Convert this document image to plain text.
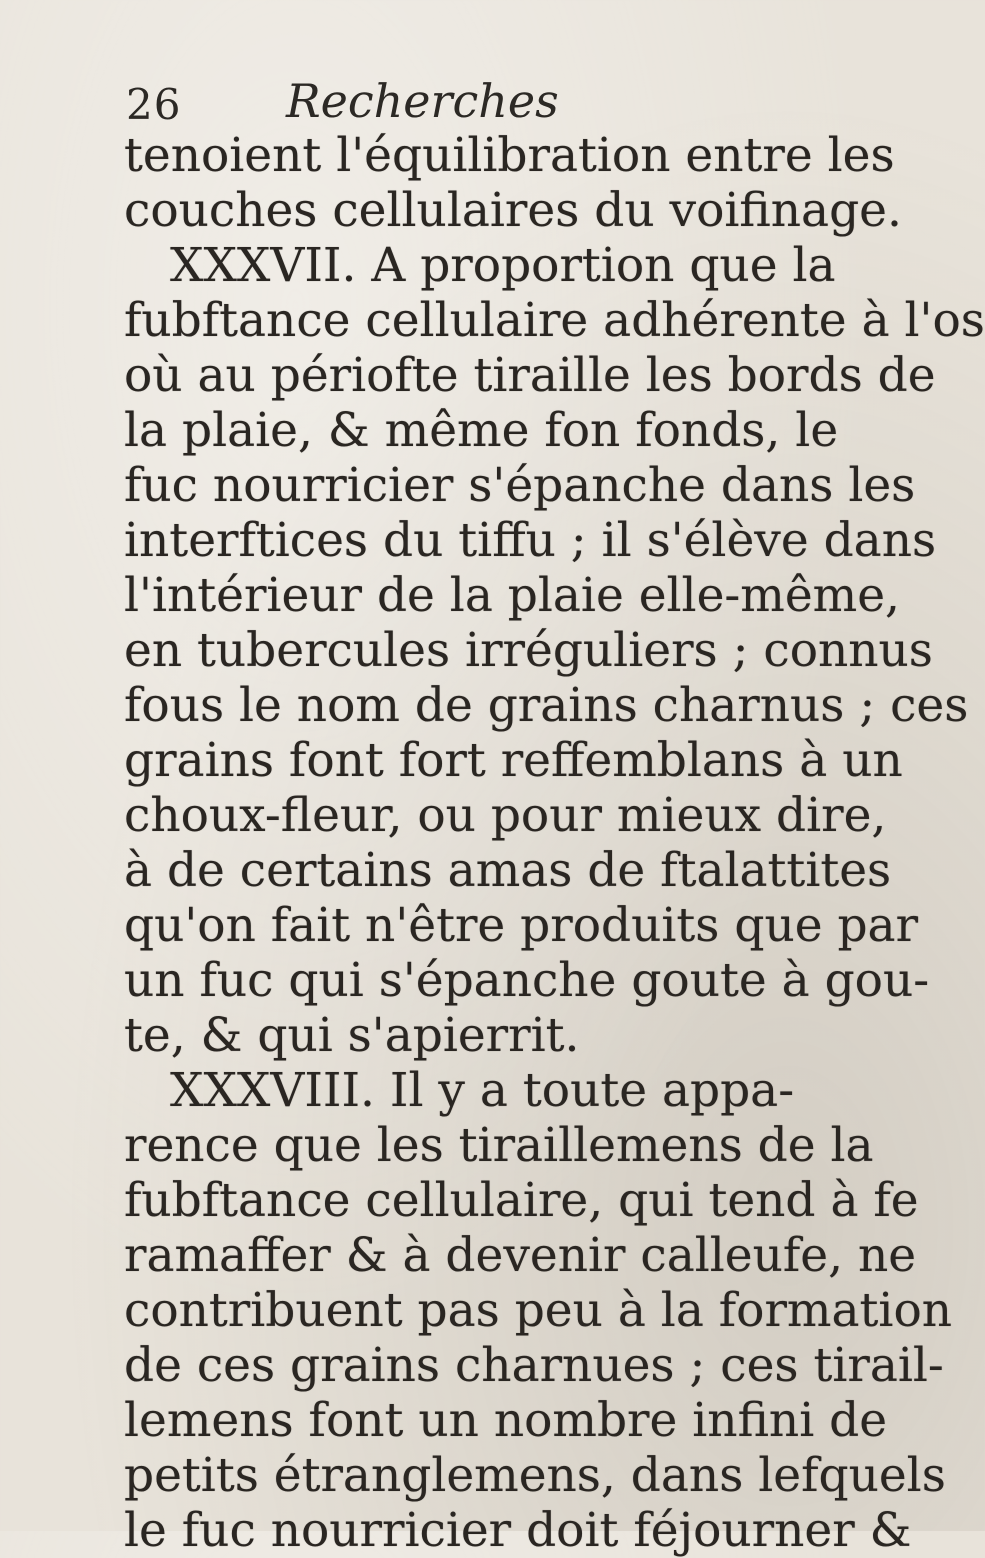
26 Recherches
tenoient l'équilibration entre les
couches cellulaires du voifinage.
XXXVII. A proportion que la
fubftance cellulaire adhérente à l'os
où au périofte tiraille les bords de
la plaie, & même fon fonds, le
fuc nourricier s'épanche dans les
interftices du tiffu ; il s'élève dans
l'intérieur de la plaie elle-même,
en tubercules irréguliers ; connus
fous le nom de grains charnus ; ces
grains font fort reffemblans à un
choux-fleur, ou pour mieux dire,
à de certains amas de ftalattites
qu'on fait n'être produits que par
un fuc qui s'épanche goute à gou-
te, & qui s'apierrit.
XXXVIII. Il y a toute appa-
rence que les tiraillemens de la
fubftance cellulaire, qui tend à fe
ramaffer & à devenir calleufe, ne
contribuent pas peu à la formation
de ces grains charnues ; ces tirail-
lemens font un nombre infini de
petits étranglemens, dans lefquels
le fuc nourricier doit féjourner &
